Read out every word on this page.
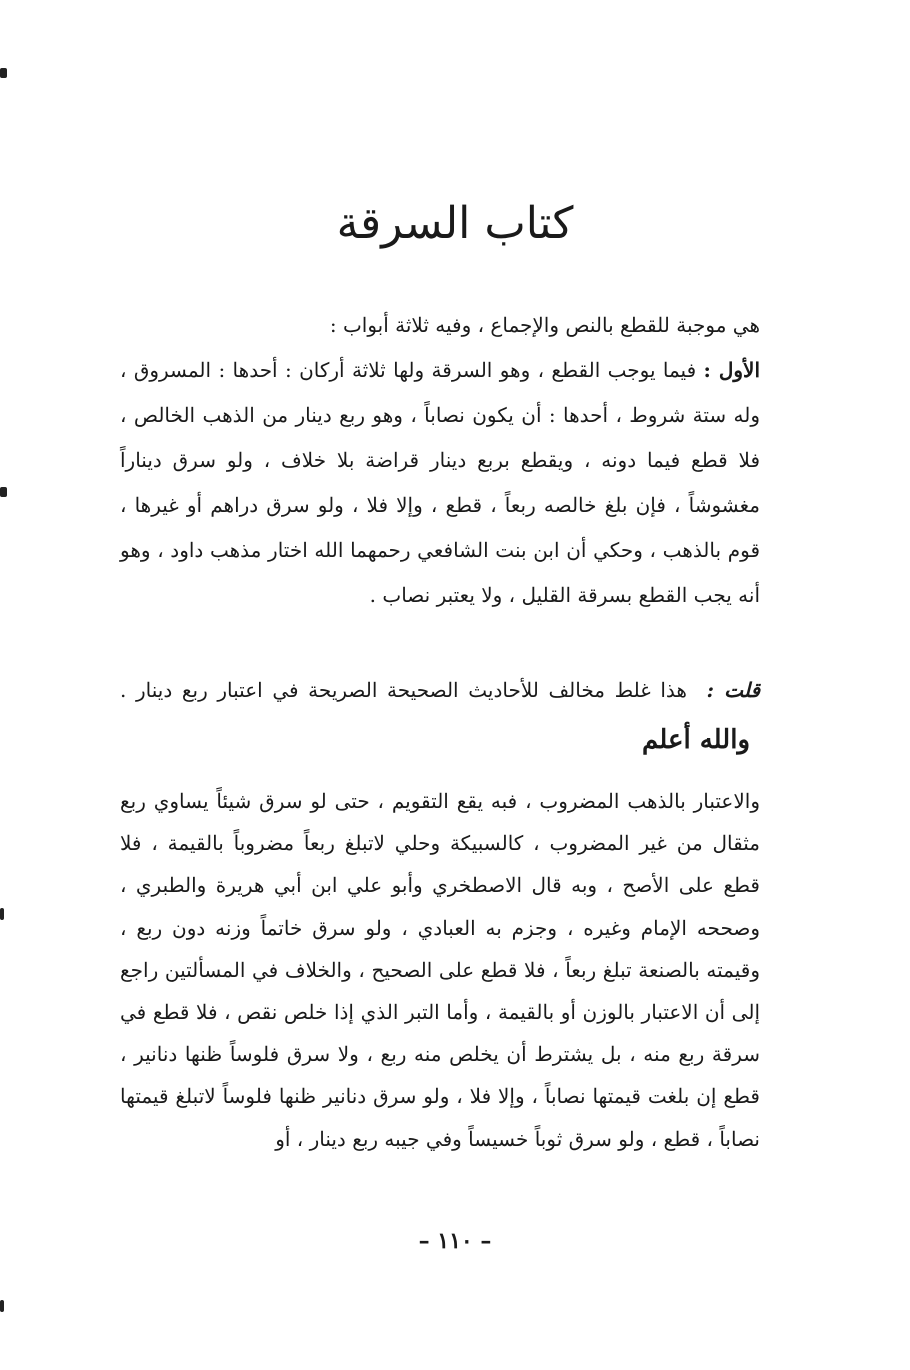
كتاب السرقة
هي موجبة للقطع بالنص والإجماع ، وفيه ثلاثة أبواب :
الأول : فيما يوجب القطع ، وهو السرقة ولها ثلاثة أركان : أحدها : المسروق ، وله ستة شروط ، أحدها : أن يكون نصاباً ، وهو ربع دينار من الذهب الخالص ، فلا قطع فيما دونه ، ويقطع بربع دينار قراضة بلا خلاف ، ولو سرق ديناراً مغشوشاً ، فإن بلغ خالصه ربعاً ، قطع ، وإلا فلا ، ولو سرق دراهم أو غيرها ، قوم بالذهب ، وحكي أن ابن بنت الشافعي رحمهما الله اختار مذهب داود ، وهو أنه يجب القطع بسرقة القليل ، ولا يعتبر نصاب .
قلت : هذا غلط مخالف للأحاديث الصحيحة الصريحة في اعتبار ربع دينار . والله أعلم
والاعتبار بالذهب المضروب ، فبه يقع التقويم ، حتى لو سرق شيئاً يساوي ربع مثقال من غير المضروب ، كالسبيكة وحلي لاتبلغ ربعاً مضروباً بالقيمة ، فلا قطع على الأصح ، وبه قال الاصطخري وأبو علي ابن أبي هريرة والطبري ، وصححه الإمام وغيره ، وجزم به العبادي ، ولو سرق خاتماً وزنه دون ربع ، وقيمته بالصنعة تبلغ ربعاً ، فلا قطع على الصحيح ، والخلاف في المسألتين راجع إلى أن الاعتبار بالوزن أو بالقيمة ، وأما التبر الذي إذا خلص نقص ، فلا قطع في سرقة ربع منه ، بل يشترط أن يخلص منه ربع ، ولا سرق فلوساً ظنها دنانير ، قطع إن بلغت قيمتها نصاباً ، وإلا فلا ، ولو سرق دنانير ظنها فلوساً لاتبلغ قيمتها نصاباً ، قطع ، ولو سرق ثوباً خسيساً وفي جيبه ربع دينار ، أو
– ١١٠ –
